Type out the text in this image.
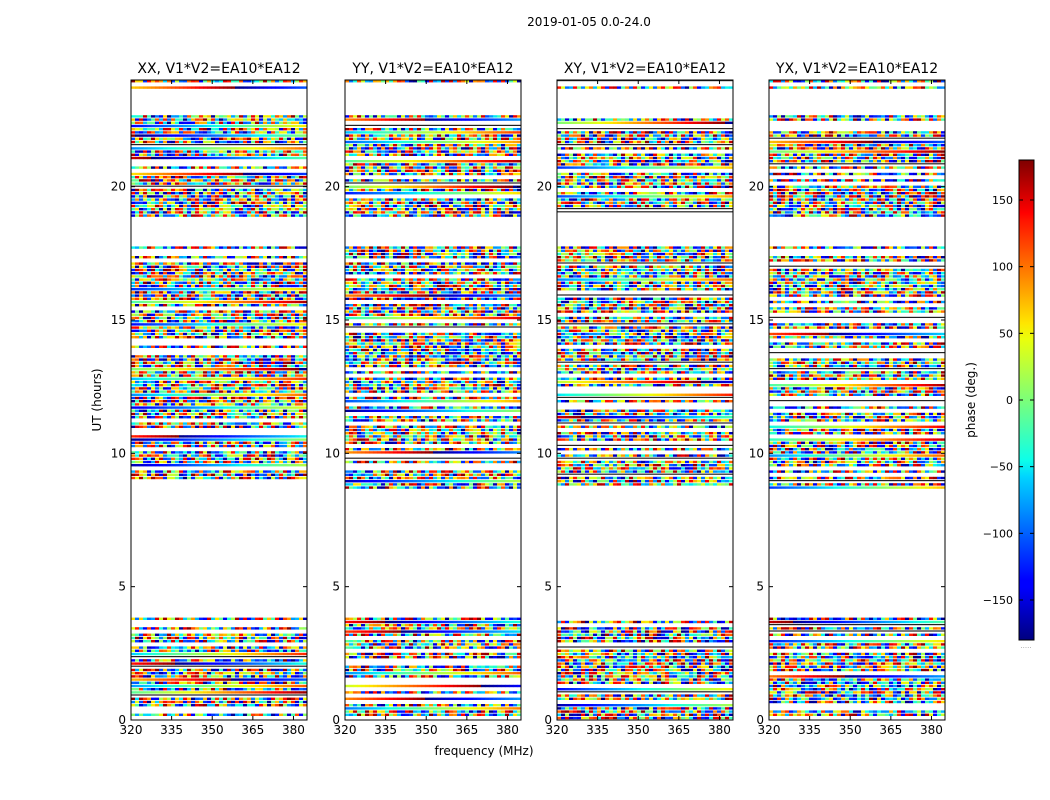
2019-01-05 0.0-24.0
UT (hours)
frequency (MHz)
XX, V1*V2=EA10*EA12
320 335 350 365 380
0
5
10
15
20
YY, V1*V2=EA10*EA12
320 335 350 365 380
0
5
10
15
20
XY, V1*V2=EA10*EA12
320 335 350 365 380
0
5
10
15
20
YX, V1*V2=EA10*EA12
320 335 350 365 380
0
5
10
15
20
−150
−100
−50
0
50
100
150
phase (deg.)
.....
